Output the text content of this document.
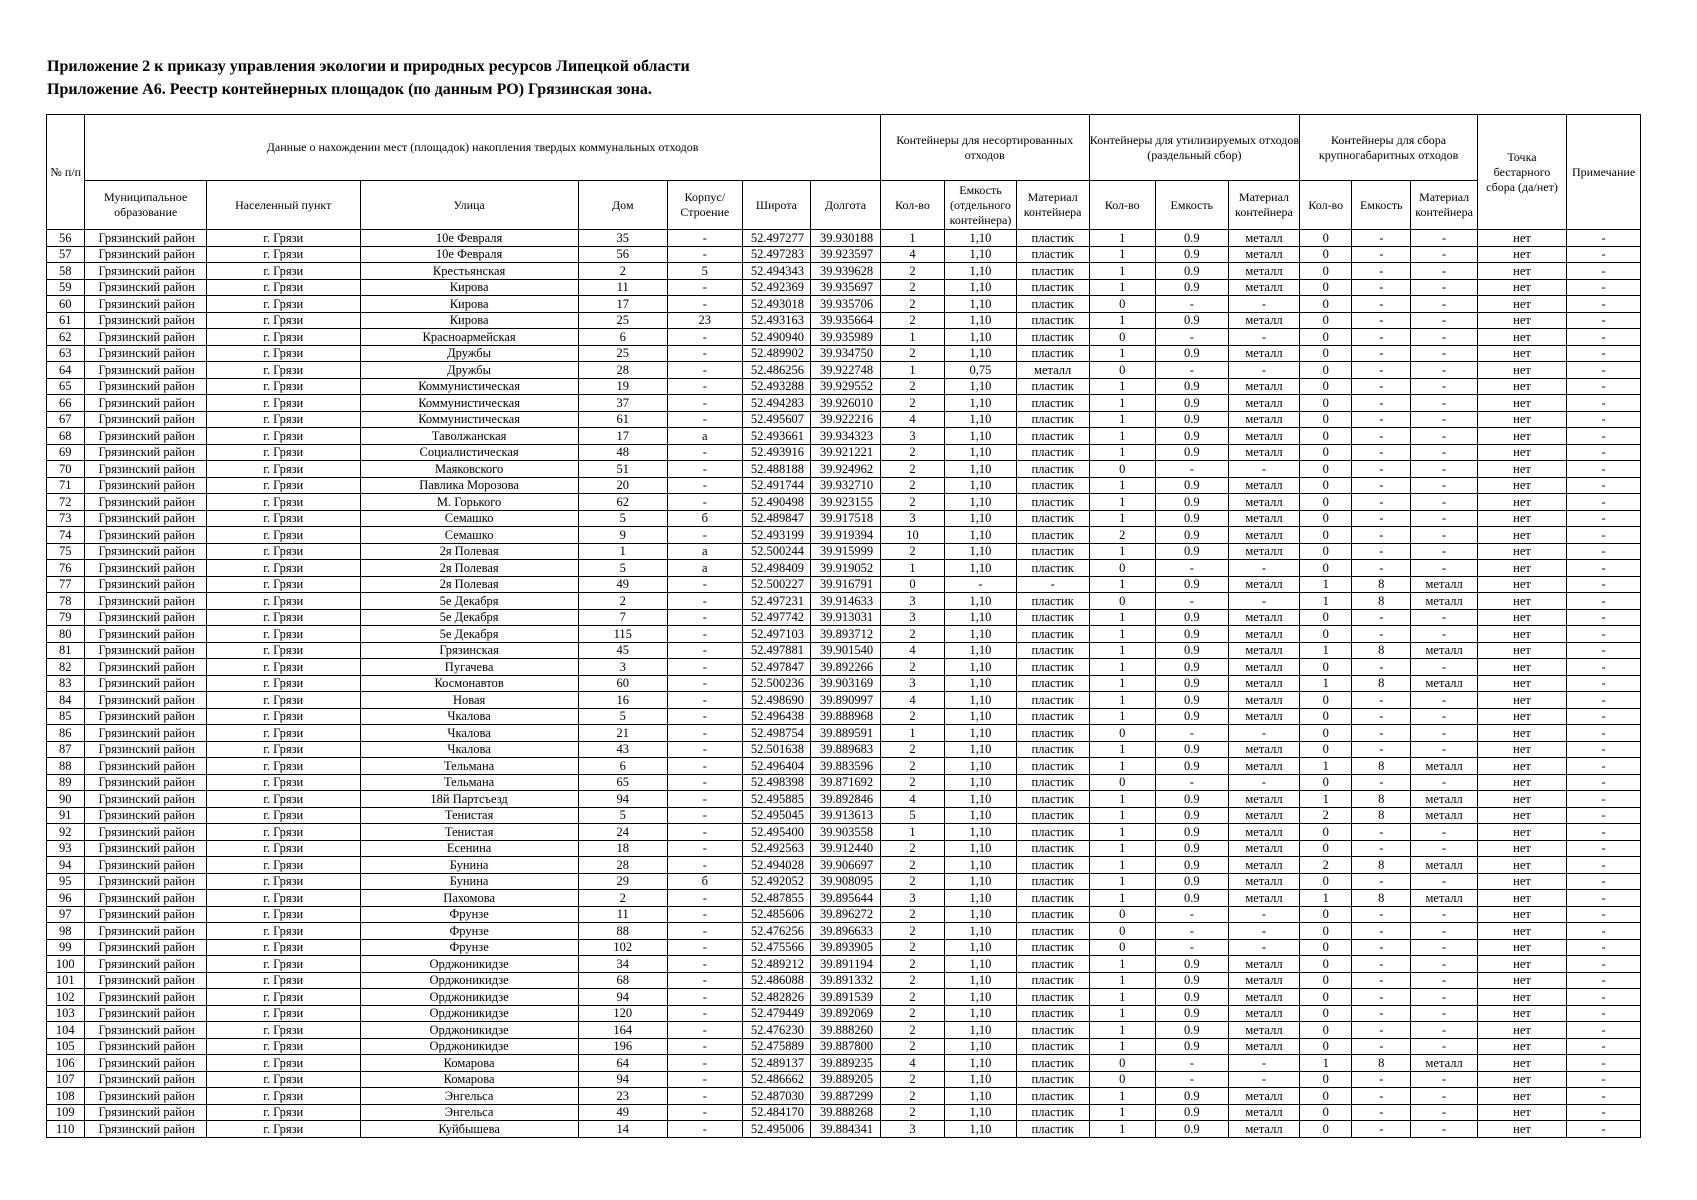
Приложение 2 к приказу управления экологии и природных ресурсов Липецкой области
Приложение А6. Реестр контейнерных площадок (по данным РО) Грязинская зона.
№ п/п	Данные о нахождении мест (площадок) накопления твердых коммунальных отходов							Контейнеры для несортированных отходов			Контейнеры для утилизируемых отходов (раздельный сбор)			Контейнеры для сбора крупногабаритных отходов			Точка бестарного сбора (да/нет)	Примечание
	Муниципальное образование	Населенный пункт	Улица	Дом	Корпус/ Строение	Широта	Долгота	Кол-во	Емкость (отдельного контейнера)	Материал контейнера	Кол-во	Емкость	Материал контейнера	Кол-во	Емкость	Материал контейнера		
56	Грязинский район	г. Грязи	10е Февраля	35	-	52.497277	39.930188	1	1,10	пластик	1	0.9	металл	0	-	-	нет	-
57	Грязинский район	г. Грязи	10е Февраля	56	-	52.497283	39.923597	4	1,10	пластик	1	0.9	металл	0	-	-	нет	-
58	Грязинский район	г. Грязи	Крестьянская	2	5	52.494343	39.939628	2	1,10	пластик	1	0.9	металл	0	-	-	нет	-
59	Грязинский район	г. Грязи	Кирова	11	-	52.492369	39.935697	2	1,10	пластик	1	0.9	металл	0	-	-	нет	-
60	Грязинский район	г. Грязи	Кирова	17	-	52.493018	39.935706	2	1,10	пластик	0	-	-	0	-	-	нет	-
61	Грязинский район	г. Грязи	Кирова	25	23	52.493163	39.935664	2	1,10	пластик	1	0.9	металл	0	-	-	нет	-
62	Грязинский район	г. Грязи	Красноармейская	6	-	52.490940	39.935989	1	1,10	пластик	0	-	-	0	-	-	нет	-
63	Грязинский район	г. Грязи	Дружбы	25	-	52.489902	39.934750	2	1,10	пластик	1	0.9	металл	0	-	-	нет	-
64	Грязинский район	г. Грязи	Дружбы	28	-	52.486256	39.922748	1	0,75	металл	0	-	-	0	-	-	нет	-
65	Грязинский район	г. Грязи	Коммунистическая	19	-	52.493288	39.929552	2	1,10	пластик	1	0.9	металл	0	-	-	нет	-
66	Грязинский район	г. Грязи	Коммунистическая	37	-	52.494283	39.926010	2	1,10	пластик	1	0.9	металл	0	-	-	нет	-
67	Грязинский район	г. Грязи	Коммунистическая	61	-	52.495607	39.922216	4	1,10	пластик	1	0.9	металл	0	-	-	нет	-
68	Грязинский район	г. Грязи	Таволжанская	17	а	52.493661	39.934323	3	1,10	пластик	1	0.9	металл	0	-	-	нет	-
69	Грязинский район	г. Грязи	Социалистическая	48	-	52.493916	39.921221	2	1,10	пластик	1	0.9	металл	0	-	-	нет	-
70	Грязинский район	г. Грязи	Маяковского	51	-	52.488188	39.924962	2	1,10	пластик	0	-	-	0	-	-	нет	-
71	Грязинский район	г. Грязи	Павлика Морозова	20	-	52.491744	39.932710	2	1,10	пластик	1	0.9	металл	0	-	-	нет	-
72	Грязинский район	г. Грязи	М. Горького	62	-	52.490498	39.923155	2	1,10	пластик	1	0.9	металл	0	-	-	нет	-
73	Грязинский район	г. Грязи	Семашко	5	б	52.489847	39.917518	3	1,10	пластик	1	0.9	металл	0	-	-	нет	-
74	Грязинский район	г. Грязи	Семашко	9	-	52.493199	39.919394	10	1,10	пластик	2	0.9	металл	0	-	-	нет	-
75	Грязинский район	г. Грязи	2я Полевая	1	а	52.500244	39.915999	2	1,10	пластик	1	0.9	металл	0	-	-	нет	-
76	Грязинский район	г. Грязи	2я Полевая	5	а	52.498409	39.919052	1	1,10	пластик	0	-	-	0	-	-	нет	-
77	Грязинский район	г. Грязи	2я Полевая	49	-	52.500227	39.916791	0	-	-	1	0.9	металл	1	8	металл	нет	-
78	Грязинский район	г. Грязи	5е Декабря	2	-	52.497231	39.914633	3	1,10	пластик	0	-	-	1	8	металл	нет	-
79	Грязинский район	г. Грязи	5е Декабря	7	-	52.497742	39.913031	3	1,10	пластик	1	0.9	металл	0	-	-	нет	-
80	Грязинский район	г. Грязи	5е Декабря	115	-	52.497103	39.893712	2	1,10	пластик	1	0.9	металл	0	-	-	нет	-
81	Грязинский район	г. Грязи	Грязинская	45	-	52.497881	39.901540	4	1,10	пластик	1	0.9	металл	1	8	металл	нет	-
82	Грязинский район	г. Грязи	Пугачева	3	-	52.497847	39.892266	2	1,10	пластик	1	0.9	металл	0	-	-	нет	-
83	Грязинский район	г. Грязи	Космонавтов	60	-	52.500236	39.903169	3	1,10	пластик	1	0.9	металл	1	8	металл	нет	-
84	Грязинский район	г. Грязи	Новая	16	-	52.498690	39.890997	4	1,10	пластик	1	0.9	металл	0	-	-	нет	-
85	Грязинский район	г. Грязи	Чкалова	5	-	52.496438	39.888968	2	1,10	пластик	1	0.9	металл	0	-	-	нет	-
86	Грязинский район	г. Грязи	Чкалова	21	-	52.498754	39.889591	1	1,10	пластик	0	-	-	0	-	-	нет	-
87	Грязинский район	г. Грязи	Чкалова	43	-	52.501638	39.889683	2	1,10	пластик	1	0.9	металл	0	-	-	нет	-
88	Грязинский район	г. Грязи	Тельмана	6	-	52.496404	39.883596	2	1,10	пластик	1	0.9	металл	1	8	металл	нет	-
89	Грязинский район	г. Грязи	Тельмана	65	-	52.498398	39.871692	2	1,10	пластик	0	-	-	0	-	-	нет	-
90	Грязинский район	г. Грязи	18й Партсъезд	94	-	52.495885	39.892846	4	1,10	пластик	1	0.9	металл	1	8	металл	нет	-
91	Грязинский район	г. Грязи	Тенистая	5	-	52.495045	39.913613	5	1,10	пластик	1	0.9	металл	2	8	металл	нет	-
92	Грязинский район	г. Грязи	Тенистая	24	-	52.495400	39.903558	1	1,10	пластик	1	0.9	металл	0	-	-	нет	-
93	Грязинский район	г. Грязи	Есенина	18	-	52.492563	39.912440	2	1,10	пластик	1	0.9	металл	0	-	-	нет	-
94	Грязинский район	г. Грязи	Бунина	28	-	52.494028	39.906697	2	1,10	пластик	1	0.9	металл	2	8	металл	нет	-
95	Грязинский район	г. Грязи	Бунина	29	б	52.492052	39.908095	2	1,10	пластик	1	0.9	металл	0	-	-	нет	-
96	Грязинский район	г. Грязи	Пахомова	2	-	52.487855	39.895644	3	1,10	пластик	1	0.9	металл	1	8	металл	нет	-
97	Грязинский район	г. Грязи	Фрунзе	11	-	52.485606	39.896272	2	1,10	пластик	0	-	-	0	-	-	нет	-
98	Грязинский район	г. Грязи	Фрунзе	88	-	52.476256	39.896633	2	1,10	пластик	0	-	-	0	-	-	нет	-
99	Грязинский район	г. Грязи	Фрунзе	102	-	52.475566	39.893905	2	1,10	пластик	0	-	-	0	-	-	нет	-
100	Грязинский район	г. Грязи	Орджоникидзе	34	-	52.489212	39.891194	2	1,10	пластик	1	0.9	металл	0	-	-	нет	-
101	Грязинский район	г. Грязи	Орджоникидзе	68	-	52.486088	39.891332	2	1,10	пластик	1	0.9	металл	0	-	-	нет	-
102	Грязинский район	г. Грязи	Орджоникидзе	94	-	52.482826	39.891539	2	1,10	пластик	1	0.9	металл	0	-	-	нет	-
103	Грязинский район	г. Грязи	Орджоникидзе	120	-	52.479449	39.892069	2	1,10	пластик	1	0.9	металл	0	-	-	нет	-
104	Грязинский район	г. Грязи	Орджоникидзе	164	-	52.476230	39.888260	2	1,10	пластик	1	0.9	металл	0	-	-	нет	-
105	Грязинский район	г. Грязи	Орджоникидзе	196	-	52.475889	39.887800	2	1,10	пластик	1	0.9	металл	0	-	-	нет	-
106	Грязинский район	г. Грязи	Комарова	64	-	52.489137	39.889235	4	1,10	пластик	0	-	-	1	8	металл	нет	-
107	Грязинский район	г. Грязи	Комарова	94	-	52.486662	39.889205	2	1,10	пластик	0	-	-	0	-	-	нет	-
108	Грязинский район	г. Грязи	Энгельса	23	-	52.487030	39.887299	2	1,10	пластик	1	0.9	металл	0	-	-	нет	-
109	Грязинский район	г. Грязи	Энгельса	49	-	52.484170	39.888268	2	1,10	пластик	1	0.9	металл	0	-	-	нет	-
110	Грязинский район	г. Грязи	Куйбышева	14	-	52.495006	39.884341	3	1,10	пластик	1	0.9	металл	0	-	-	нет	-
